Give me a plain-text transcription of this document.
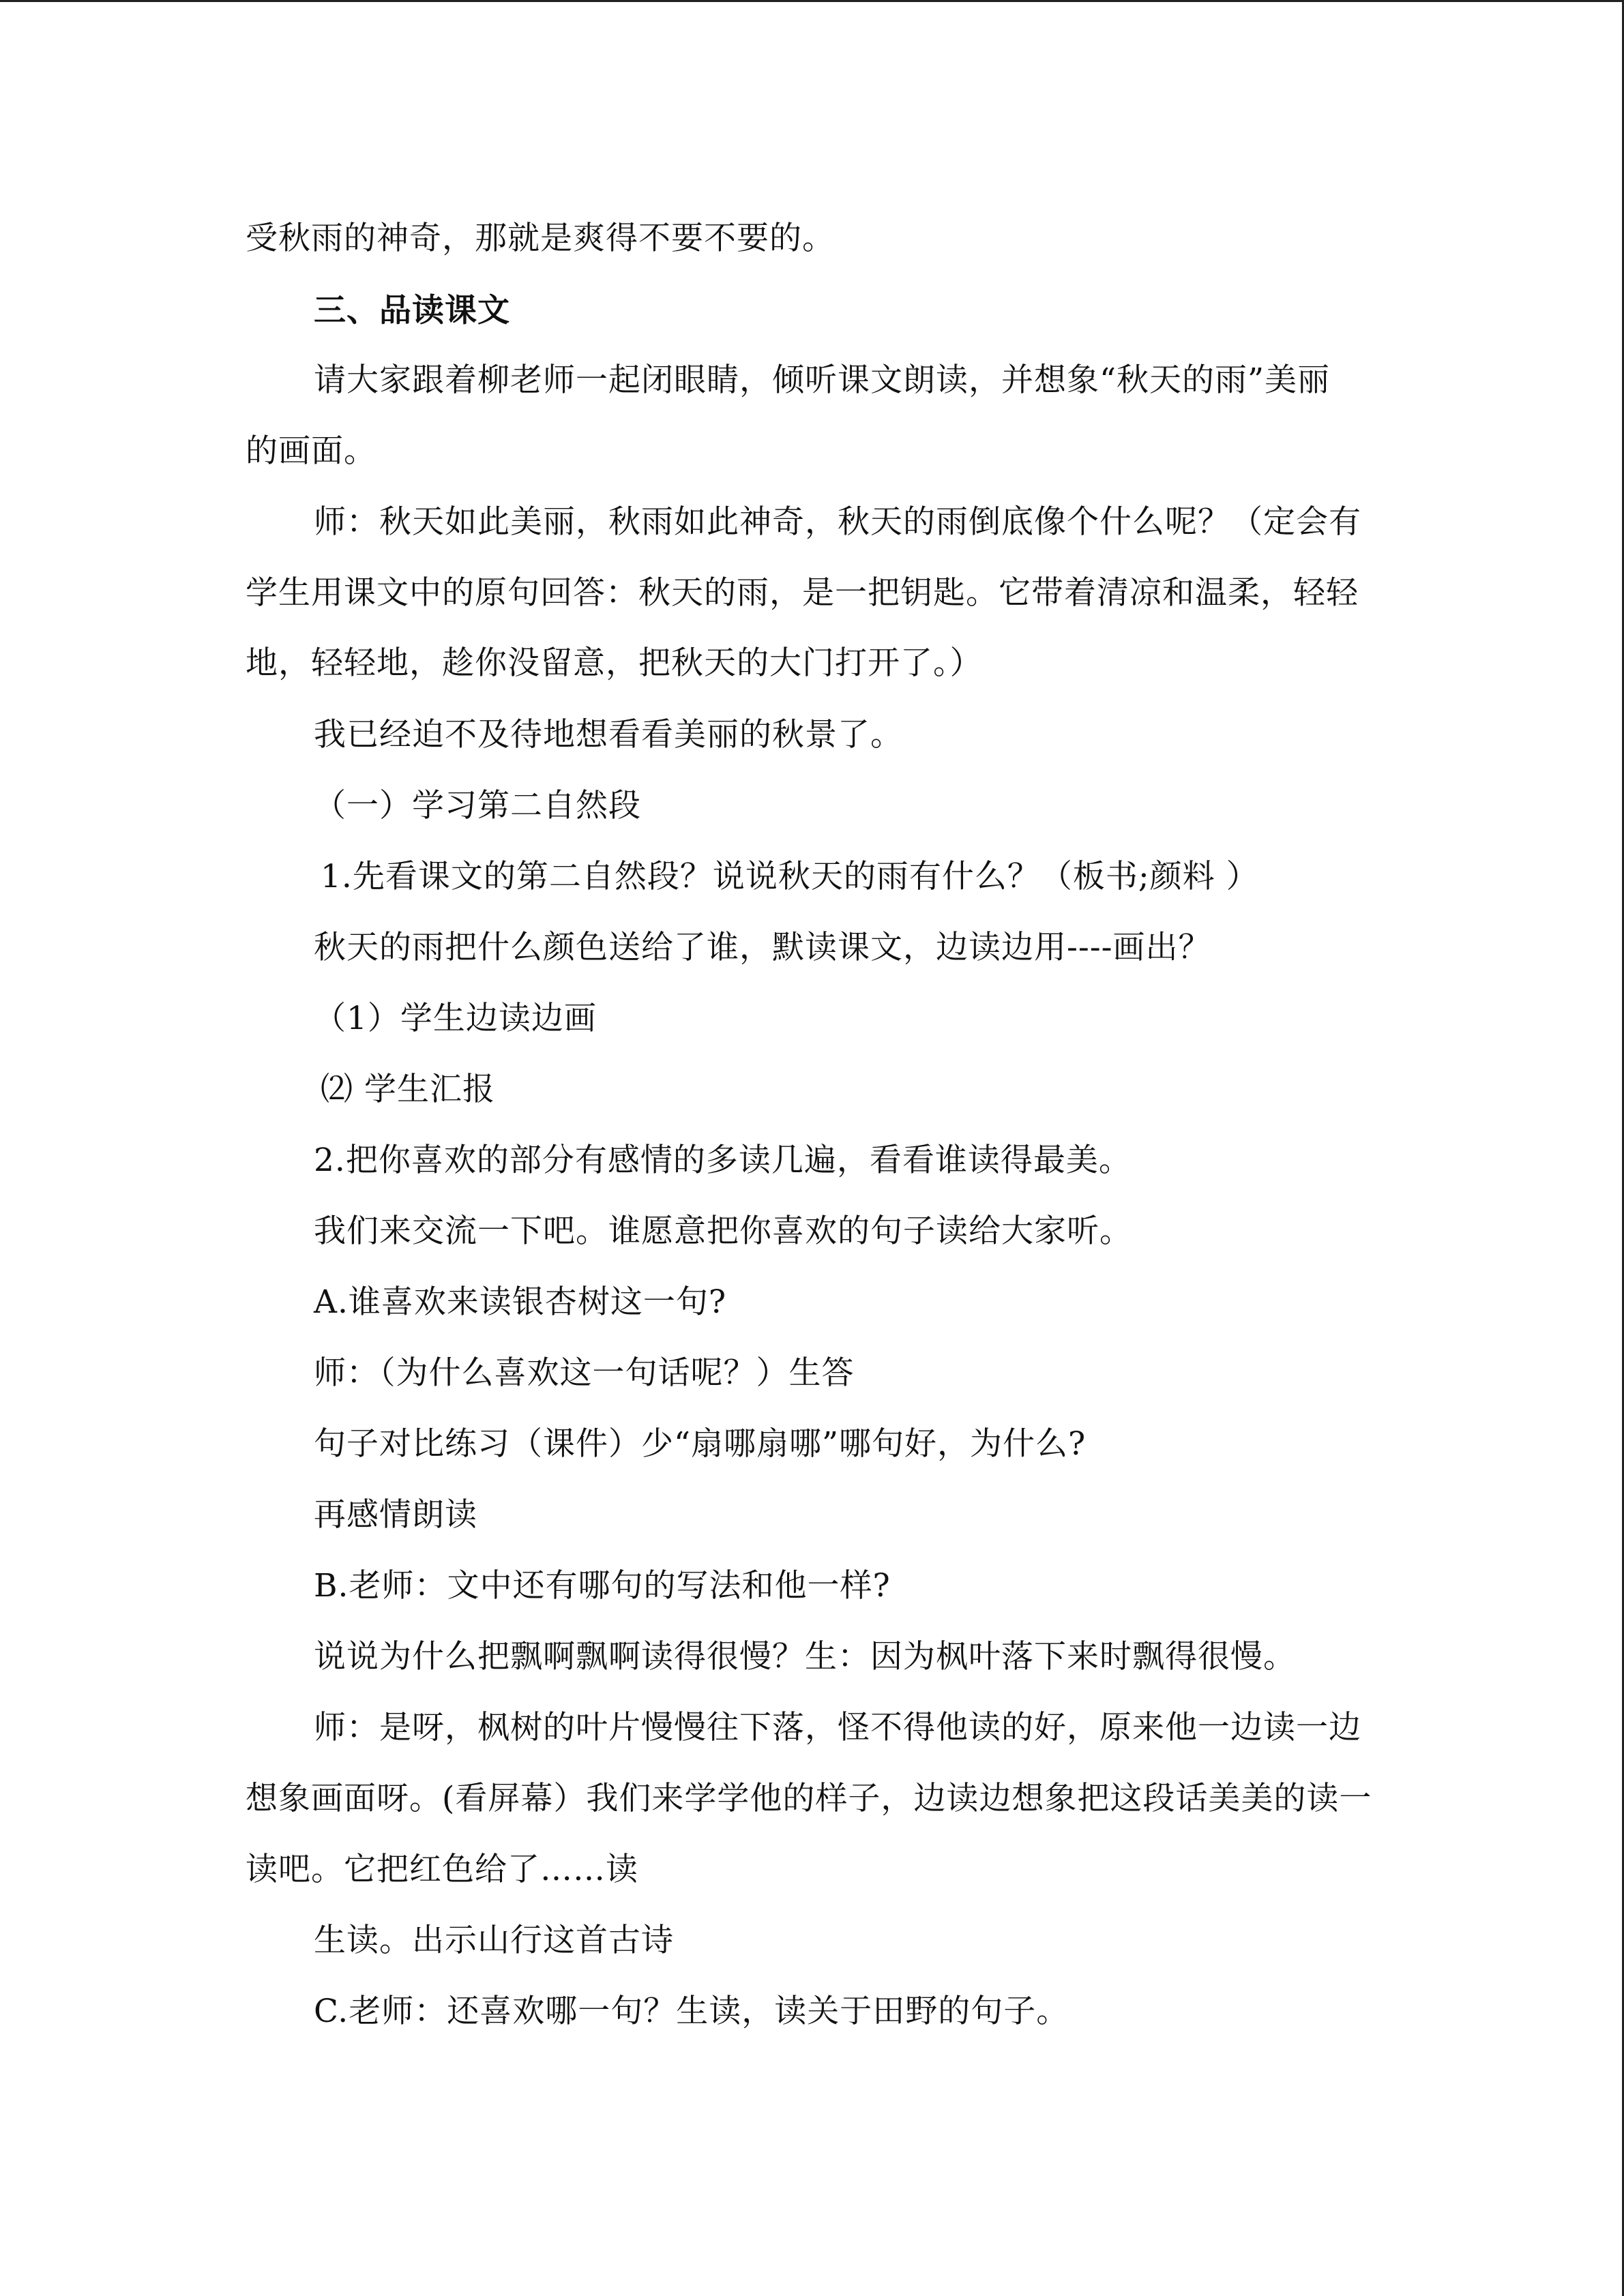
受秋雨的神奇，那就是爽得不要不要的。
三、品读课文
请大家跟着柳老师一起闭眼睛，倾听课文朗读，并想象“秋天的雨”美丽
的画面。
师：秋天如此美丽，秋雨如此神奇，秋天的雨倒底像个什么呢？（定会有
学生用课文中的原句回答：秋天的雨，是一把钥匙。它带着清凉和温柔，轻轻
地，轻轻地，趁你没留意，把秋天的大门打开了。）
我已经迫不及待地想看看美丽的秋景了。
（一）学习第二自然段
1.先看课文的第二自然段？说说秋天的雨有什么？（板书;颜料 ）
秋天的雨把什么颜色送给了谁，默读课文，边读边用----画出？
（1）学生边读边画
⑵ 学生汇报
2.把你喜欢的部分有感情的多读几遍，看看谁读得最美。
我们来交流一下吧。谁愿意把你喜欢的句子读给大家听。
A.谁喜欢来读银杏树这一句?
师：（为什么喜欢这一句话呢？）生答
句子对比练习（课件）少“扇哪扇哪”哪句好，为什么?
再感情朗读
B.老师：文中还有哪句的写法和他一样?
说说为什么把飘啊飘啊读得很慢？生：因为枫叶落下来时飘得很慢。
师：是呀，枫树的叶片慢慢往下落，怪不得他读的好，原来他一边读一边
想象画面呀。(看屏幕）我们来学学他的样子，边读边想象把这段话美美的读一
读吧。它把红色给了……读
生读。出示山行这首古诗
C.老师：还喜欢哪一句？生读，读关于田野的句子。
